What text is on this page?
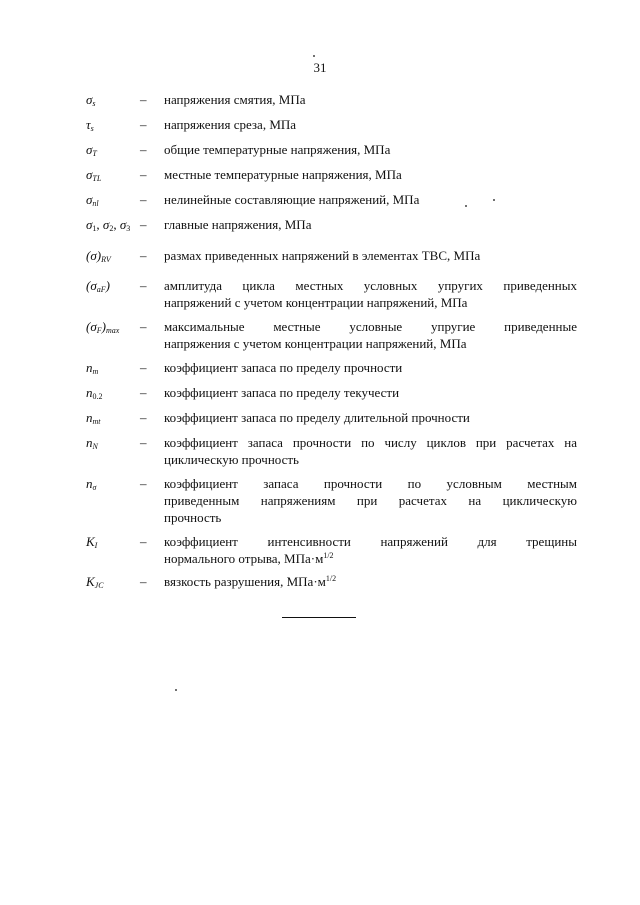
31
$\sigma_s$	– напряжения смятия, МПа
$\tau_s$	– напряжения среза, МПа
$\sigma_T$	– общие температурные напряжения, МПа
$\sigma_{TL}$	– местные температурные напряжения, МПа
$\sigma_{nl}$	– нелинейные составляющие напряжений, МПа
$\sigma_1$, $\sigma_2$, $\sigma_3$ – главные напряжения, МПа
$(\sigma)_{RV}$ – размах приведенных напряжений в элементах ТВС, МПа
$(\sigma_{aF})$ – амплитуда цикла местных условных упругих приведенных
напряжений с учетом концентрации напряжений, МПа
$(\sigma_F)_{max}$ – максимальные местные условные упругие приведенные
напряжения с учетом концентрации напряжений, МПа
$n_m$	– коэффициент запаса по пределу прочности
$n_{0.2}$	– коэффициент запаса по пределу текучести
$n_{mt}$	– коэффициент запаса по пределу длительной прочности
$n_N$	– коэффициент запаса прочности по числу циклов при расчетах на
циклическую прочность
$n_\sigma$	– коэффициент запаса прочности по условным местным
приведенным напряжениям при расчетах на циклическую
прочность
$K_I$	– коэффициент интенсивности напряжений для трещины
нормального отрыва, $МПа\cdot м^{1/2}$
$K_{JC}$	– вязкость разрушения, $МПа\cdot м^{1/2}$
